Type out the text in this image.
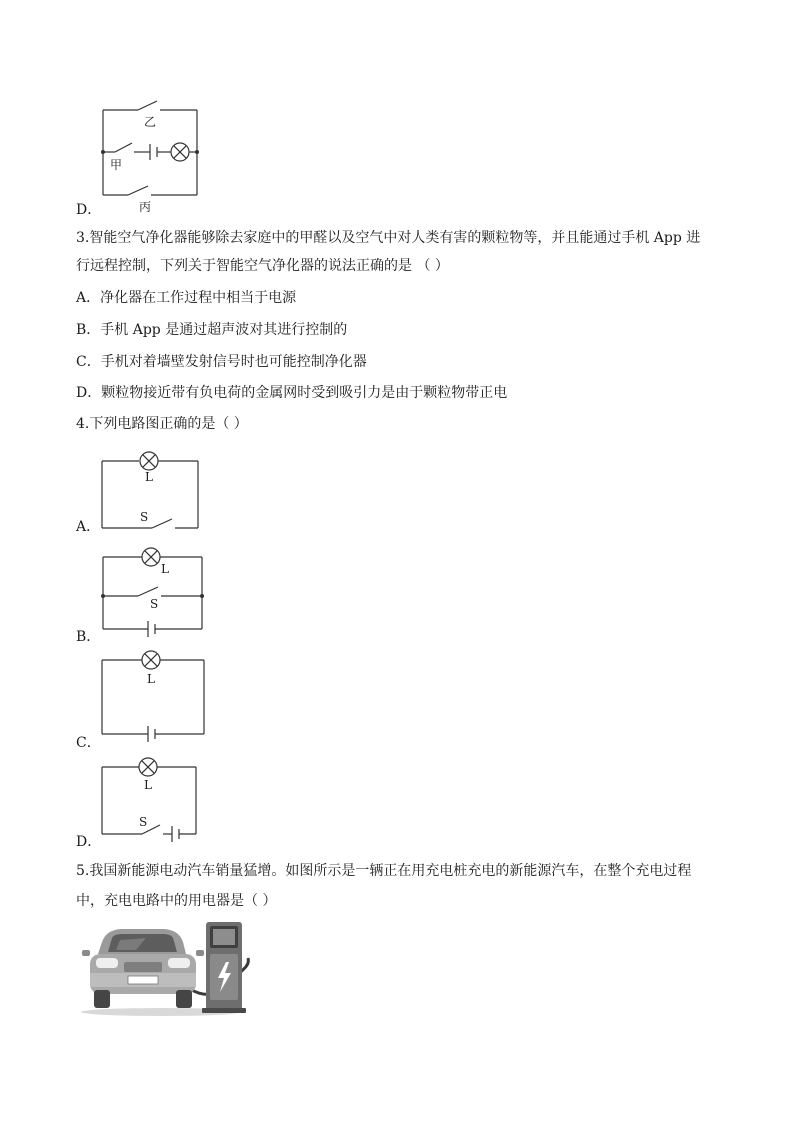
乙
甲
丙
D．
3.智能空气净化器能够除去家庭中的甲醛以及空气中对人类有害的颗粒物等，并且能通过手机 App 进
行远程控制，下列关于智能空气净化器的说法正确的是 （ ）
A．净化器在工作过程中相当于电源
B．手机 App 是通过超声波对其进行控制的
C．手机对着墙壁发射信号时也可能控制净化器
D．颗粒物接近带有负电荷的金属网时受到吸引力是由于颗粒物带正电
4.下列电路图正确的是（ ）
L
S
A．
L
S
B．
L
C．
L
S
D．
5.我国新能源电动汽车销量猛增。如图所示是一辆正在用充电桩充电的新能源汽车，在整个充电过程
中，充电电路中的用电器是（ ）
